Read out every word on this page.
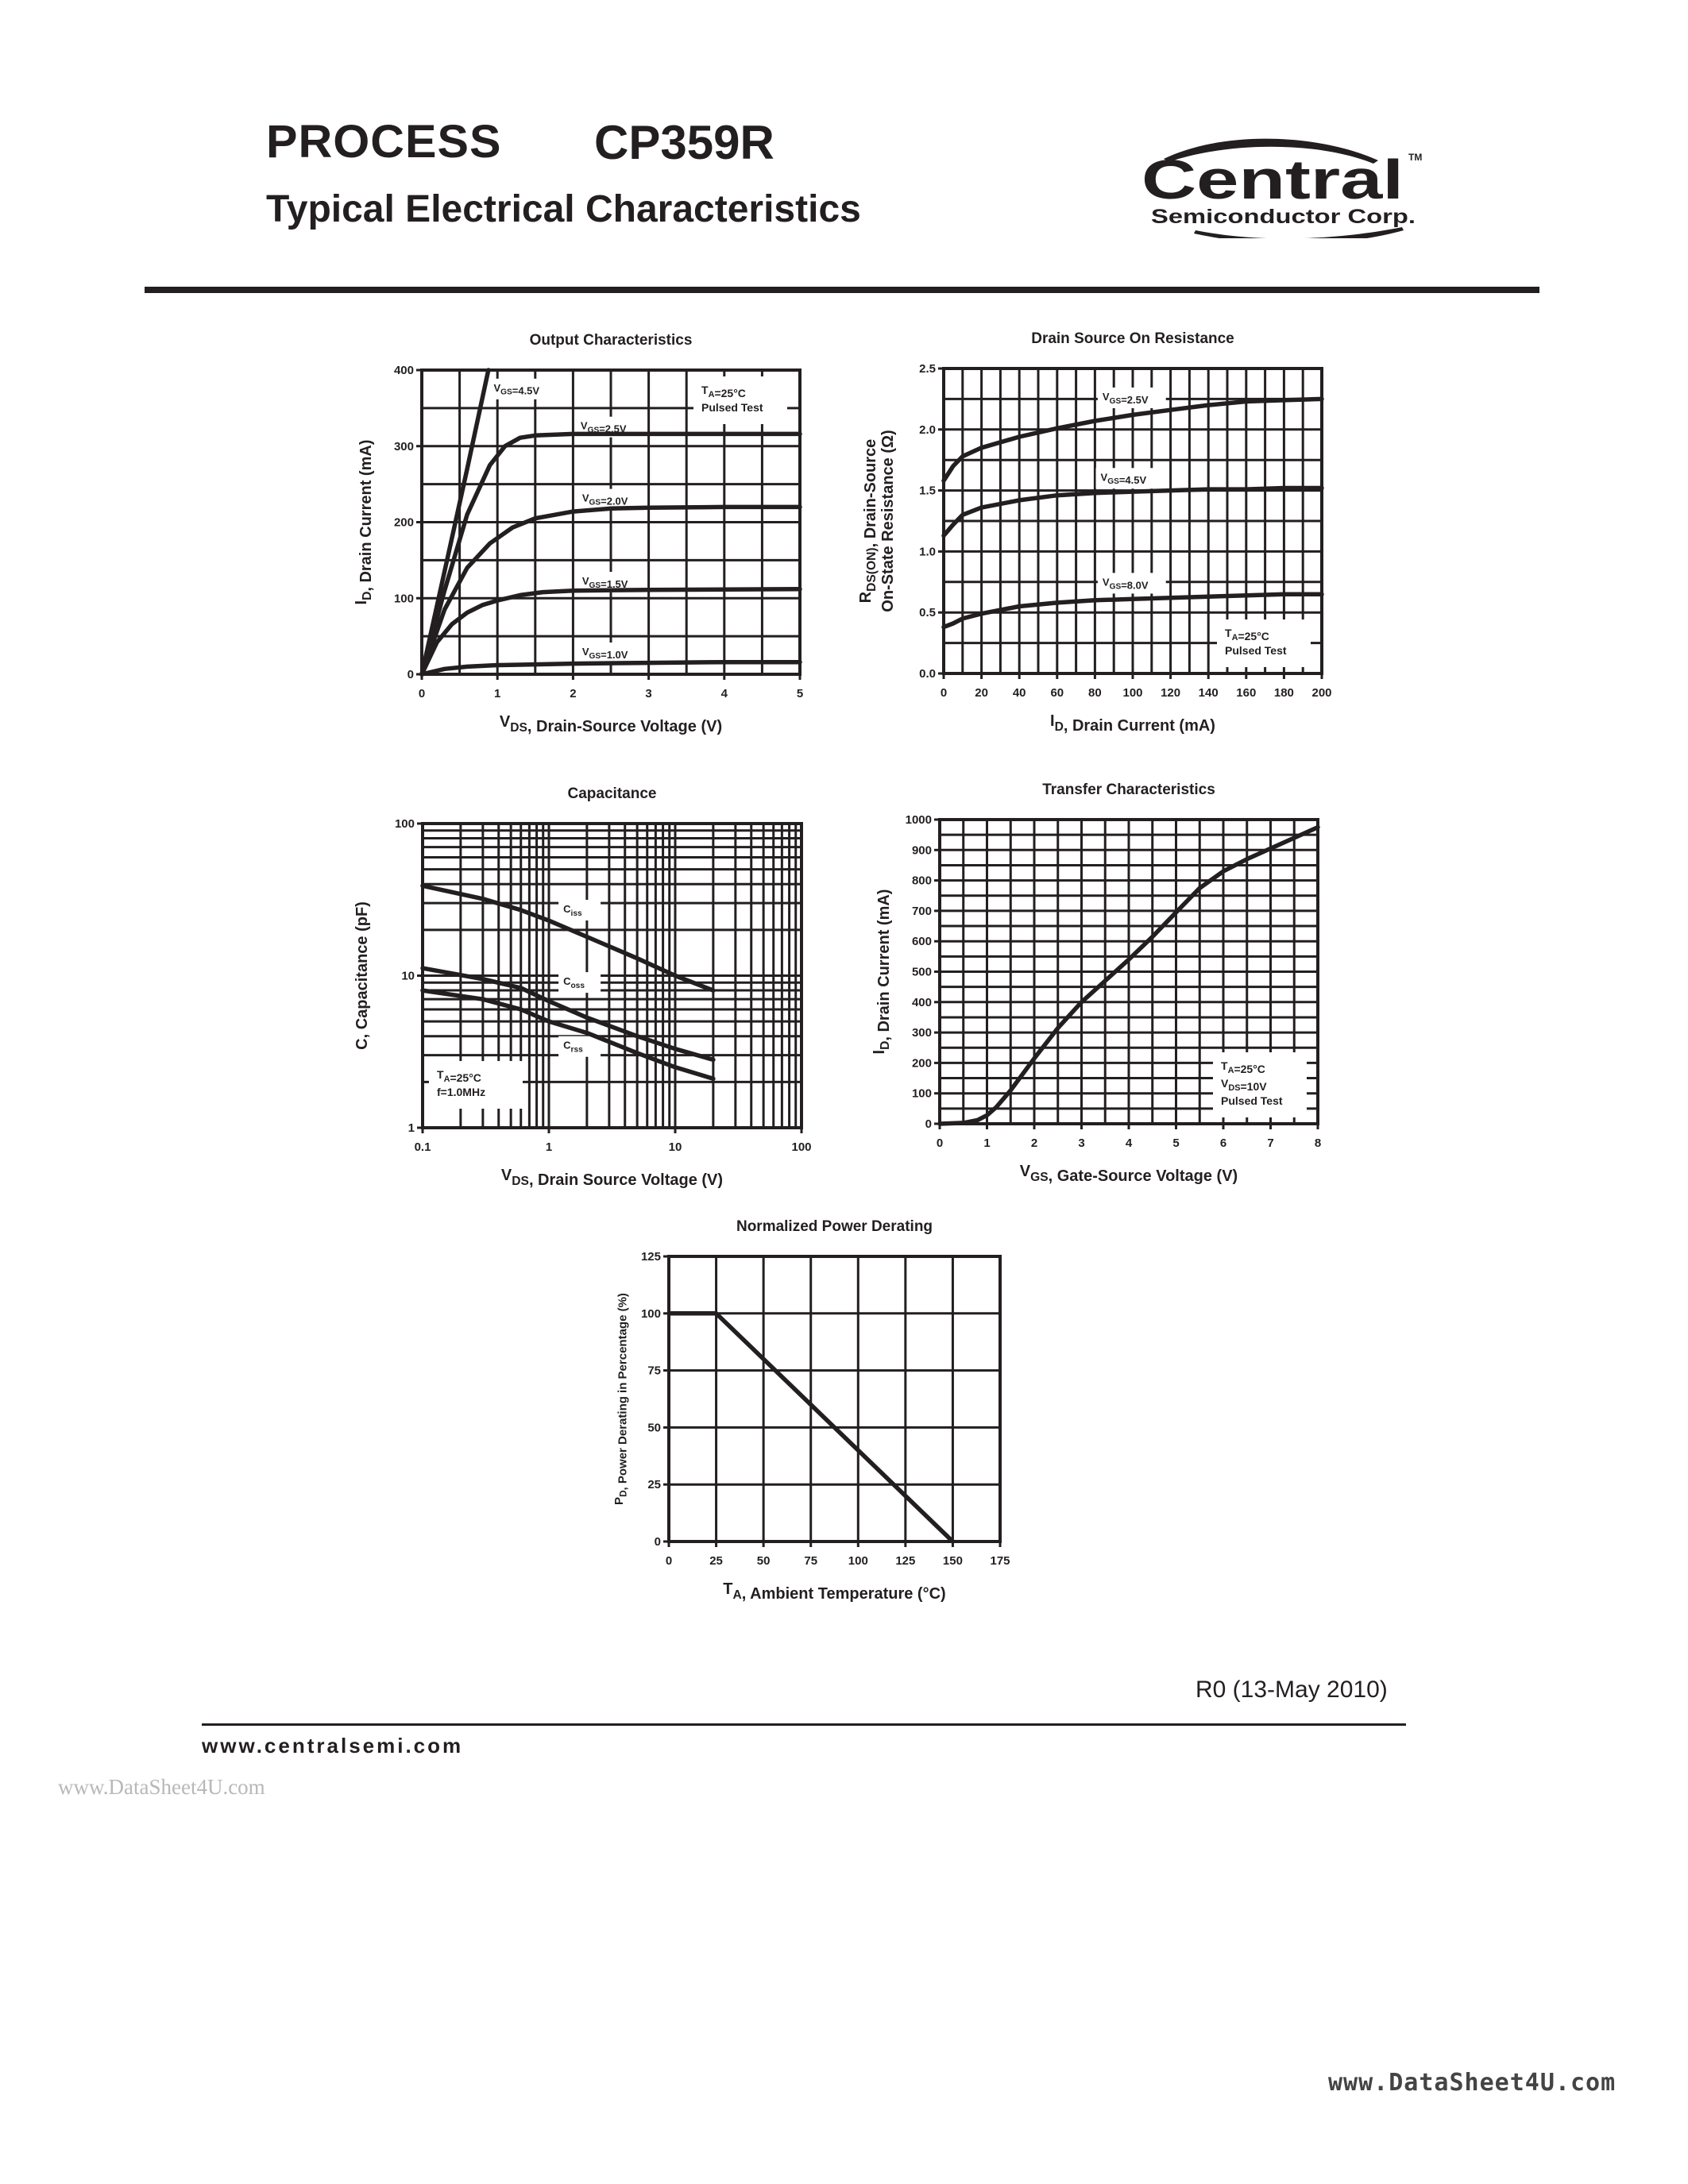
PROCESS CP359R
Typical Electrical Characteristics	Central TM
Semiconductor Corp.
0	1	2	3	4	5
0
100
200
300
400
Output Characteristics
$V_{DS}$, Drain-Source Voltage (V)
$I_D$, Drain Current (mA)
$T_A=25^\circ C$
Pulsed Test
$V_{GS}=4.5V$
$V_{GS}=2.5V$
$V_{GS}=2.0V$
$V_{GS}=1.5V$
$V_{GS}=1.0V$
0 20 40 60 80 100 120 140 160 180 200
0.0
0.5
1.0
1.5
2.0
2.5
Drain Source On Resistance
$I_D$, Drain Current (mA)
$R_{DS(ON)}$, Drain-Source On-State Resistance (Ω)
$T_A=25^\circ C$
Pulsed Test
$V_{GS}=2.5V$
$V_{GS}=4.5V$
$V_{GS}=8.0V$
0.1	1	10	100
1
10
100
Capacitance
$V_{DS}$, Drain Source Voltage (V)
C, Capacitance (pF)
$T_A=25^\circ C$
f=1.0MHz
$C_{iss}$
$C_{oss}$
$C_{rss}$
0	1	2	3	4	5	6	7	8
0
100
200
300
400
500
600
700
800
900
1000
Transfer Characteristics
$V_{GS}$, Gate-Source Voltage (V)
$I_D$, Drain Current (mA)
$T_A=25^\circ C$
$V_{DS}=10V$
Pulsed Test
0	25	50	75	100 125 150 175
0
25
50
75
100
125
Normalized Power Derating
$T_A$, Ambient Temperature (°C)
$P_D$, Power Derating in Percentage (%)
R0 (13-May 2010)
www.centralsemi.com
www.DataSheet4U.com
www.DataSheet4U.com
